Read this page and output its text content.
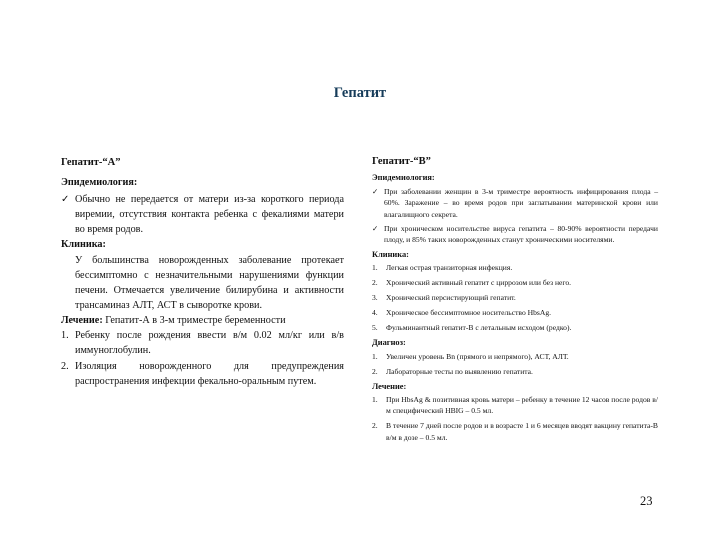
Гепатит
Гепатит-“А”
Эпидемиология:
✓ Обычно не передается от матери из-за короткого периода виремии, отсутствия контакта ребенка с фекалиями матери во время родов.
Клиника:
У большинства новорожденных заболевание протекает бессимптомно с незначительными нарушениями функции печени. Отмечается увеличение билирубина и активности трансаминаз АЛТ, АСТ в сыворотке крови.
Лечение: Гепатит-А в 3-м триместре беременности
1. Ребенку после рождения ввести в/м 0.02 мл/кг или в/в иммуноглобулин.
2. Изоляция новорожденного для предупреждения распространения инфекции фекально-оральным путем.
Гепатит-“В”
Эпидемиология:
✓ При заболевании женщин в 3-м триместре вероятность инфицирования плода – 60%. Заражение – во время родов при заглатывании материнской крови или влагалищного секрета.
✓ При хроническом носительстве вируса гепатита – 80-90% вероятности передачи плоду, и 85% таких новорожденных станут хроническими носителями.
Клиника:
1.	Легкая острая транзиторная инфекция.
2.	Хронический активный гепатит с циррозом или без него.
3.	Хронический персистирующий гепатит.
4.	Хроническое бессимптомное носительство HbsAg.
5.	Фульминантный гепатит-В с летальным исходом (редко).
Диагноз:
1.	Увеличен уровень Bn (прямого и непрямого), АСТ, АЛТ.
2.	Лабораторные тесты по выявлению гепатита.
Лечение:
1.	При HbsAg & позитивная кровь матери – ребенку в течение 12 часов после родов в/м специфический HBIG – 0.5 мл.
2.	В течение 7 дней после родов и в возрасте 1 и 6 месяцев вводят вакцину гепатита-В в/м в дозе – 0.5 мл.
23
